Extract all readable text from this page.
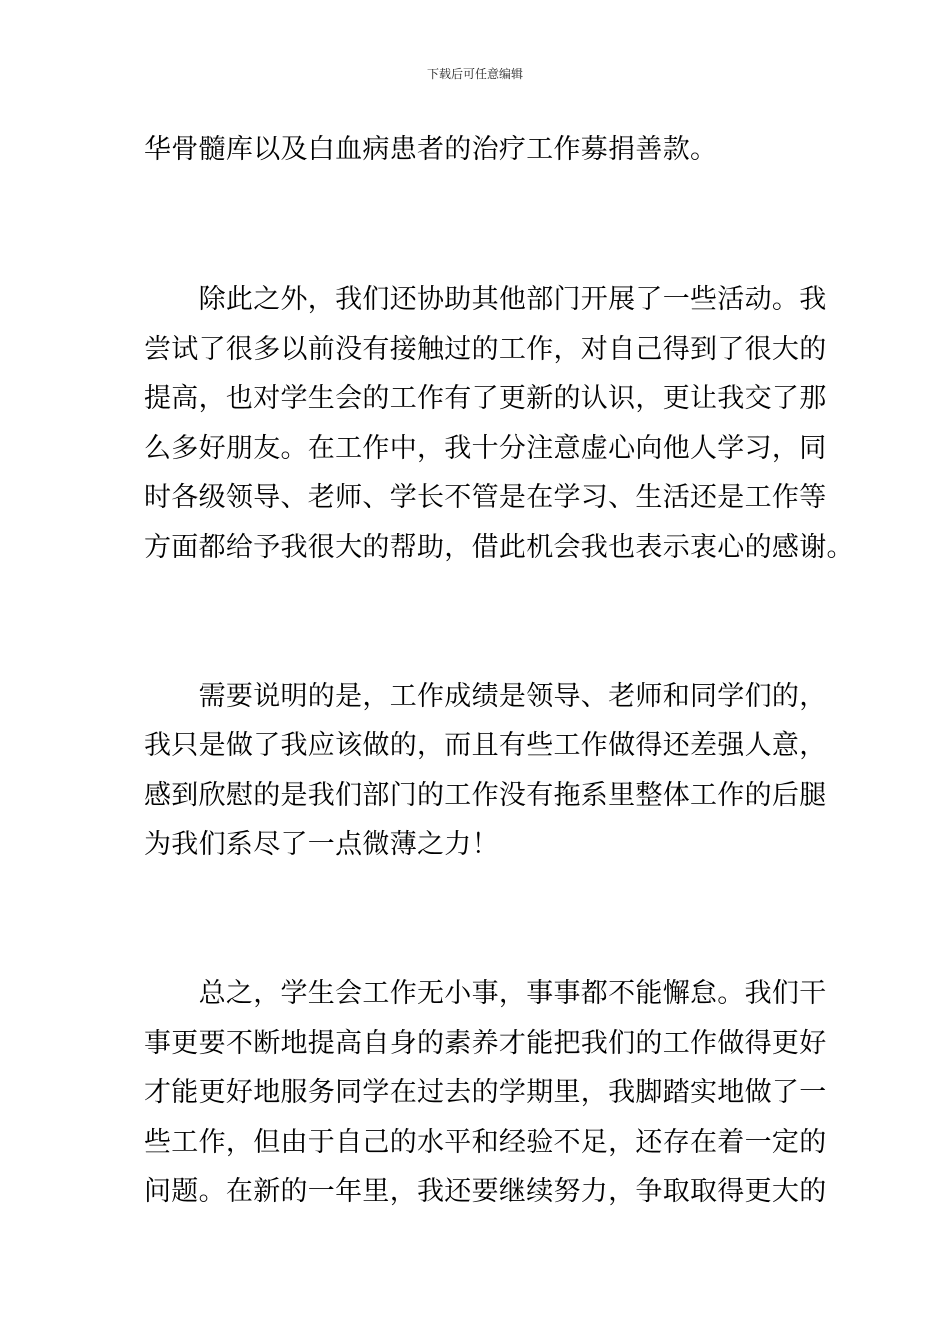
下载后可任意编辑
华骨髓库以及白血病患者的治疗工作募捐善款。
　　除此之外，我们还协助其他部门开展了一些活动。我
尝试了很多以前没有接触过的工作，对自己得到了很大的
提高，也对学生会的工作有了更新的认识，更让我交了那
么多好朋友。在工作中，我十分注意虚心向他人学习，同
时各级领导、老师、学长不管是在学习、生活还是工作等
方面都给予我很大的帮助，借此机会我也表示衷心的感谢。
　　需要说明的是，工作成绩是领导、老师和同学们的，
我只是做了我应该做的，而且有些工作做得还差强人意，
感到欣慰的是我们部门的工作没有拖系里整体工作的后腿
为我们系尽了一点微薄之力！
　　总之，学生会工作无小事，事事都不能懈怠。我们干
事更要不断地提高自身的素养才能把我们的工作做得更好
才能更好地服务同学在过去的学期里，我脚踏实地做了一
些工作，但由于自己的水平和经验不足，还存在着一定的
问题。在新的一年里，我还要继续努力，争取取得更大的
